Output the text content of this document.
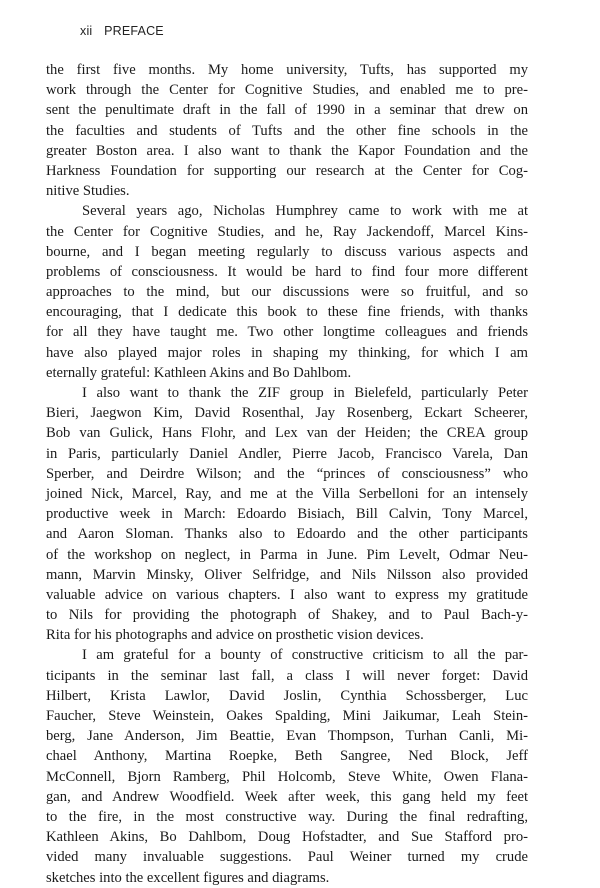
xii PREFACE
the first five months. My home university, Tufts, has supported my
work through the Center for Cognitive Studies, and enabled me to pre-
sent the penultimate draft in the fall of 1990 in a seminar that drew on
the faculties and students of Tufts and the other fine schools in the
greater Boston area. I also want to thank the Kapor Foundation and the
Harkness Foundation for supporting our research at the Center for Cog-
nitive Studies.
Several years ago, Nicholas Humphrey came to work with me at
the Center for Cognitive Studies, and he, Ray Jackendoff, Marcel Kins-
bourne, and I began meeting regularly to discuss various aspects and
problems of consciousness. It would be hard to find four more different
approaches to the mind, but our discussions were so fruitful, and so
encouraging, that I dedicate this book to these fine friends, with thanks
for all they have taught me. Two other longtime colleagues and friends
have also played major roles in shaping my thinking, for which I am
eternally grateful: Kathleen Akins and Bo Dahlbom.
I also want to thank the ZIF group in Bielefeld, particularly Peter
Bieri, Jaegwon Kim, David Rosenthal, Jay Rosenberg, Eckart Scheerer,
Bob van Gulick, Hans Flohr, and Lex van der Heiden; the CREA group
in Paris, particularly Daniel Andler, Pierre Jacob, Francisco Varela, Dan
Sperber, and Deirdre Wilson; and the “princes of consciousness” who
joined Nick, Marcel, Ray, and me at the Villa Serbelloni for an intensely
productive week in March: Edoardo Bisiach, Bill Calvin, Tony Marcel,
and Aaron Sloman. Thanks also to Edoardo and the other participants
of the workshop on neglect, in Parma in June. Pim Levelt, Odmar Neu-
mann, Marvin Minsky, Oliver Selfridge, and Nils Nilsson also provided
valuable advice on various chapters. I also want to express my gratitude
to Nils for providing the photograph of Shakey, and to Paul Bach-y-
Rita for his photographs and advice on prosthetic vision devices.
I am grateful for a bounty of constructive criticism to all the par-
ticipants in the seminar last fall, a class I will never forget: David
Hilbert, Krista Lawlor, David Joslin, Cynthia Schossberger, Luc
Faucher, Steve Weinstein, Oakes Spalding, Mini Jaikumar, Leah Stein-
berg, Jane Anderson, Jim Beattie, Evan Thompson, Turhan Canli, Mi-
chael Anthony, Martina Roepke, Beth Sangree, Ned Block, Jeff
McConnell, Bjorn Ramberg, Phil Holcomb, Steve White, Owen Flana-
gan, and Andrew Woodfield. Week after week, this gang held my feet
to the fire, in the most constructive way. During the final redrafting,
Kathleen Akins, Bo Dahlbom, Doug Hofstadter, and Sue Stafford pro-
vided many invaluable suggestions. Paul Weiner turned my crude
sketches into the excellent figures and diagrams.
